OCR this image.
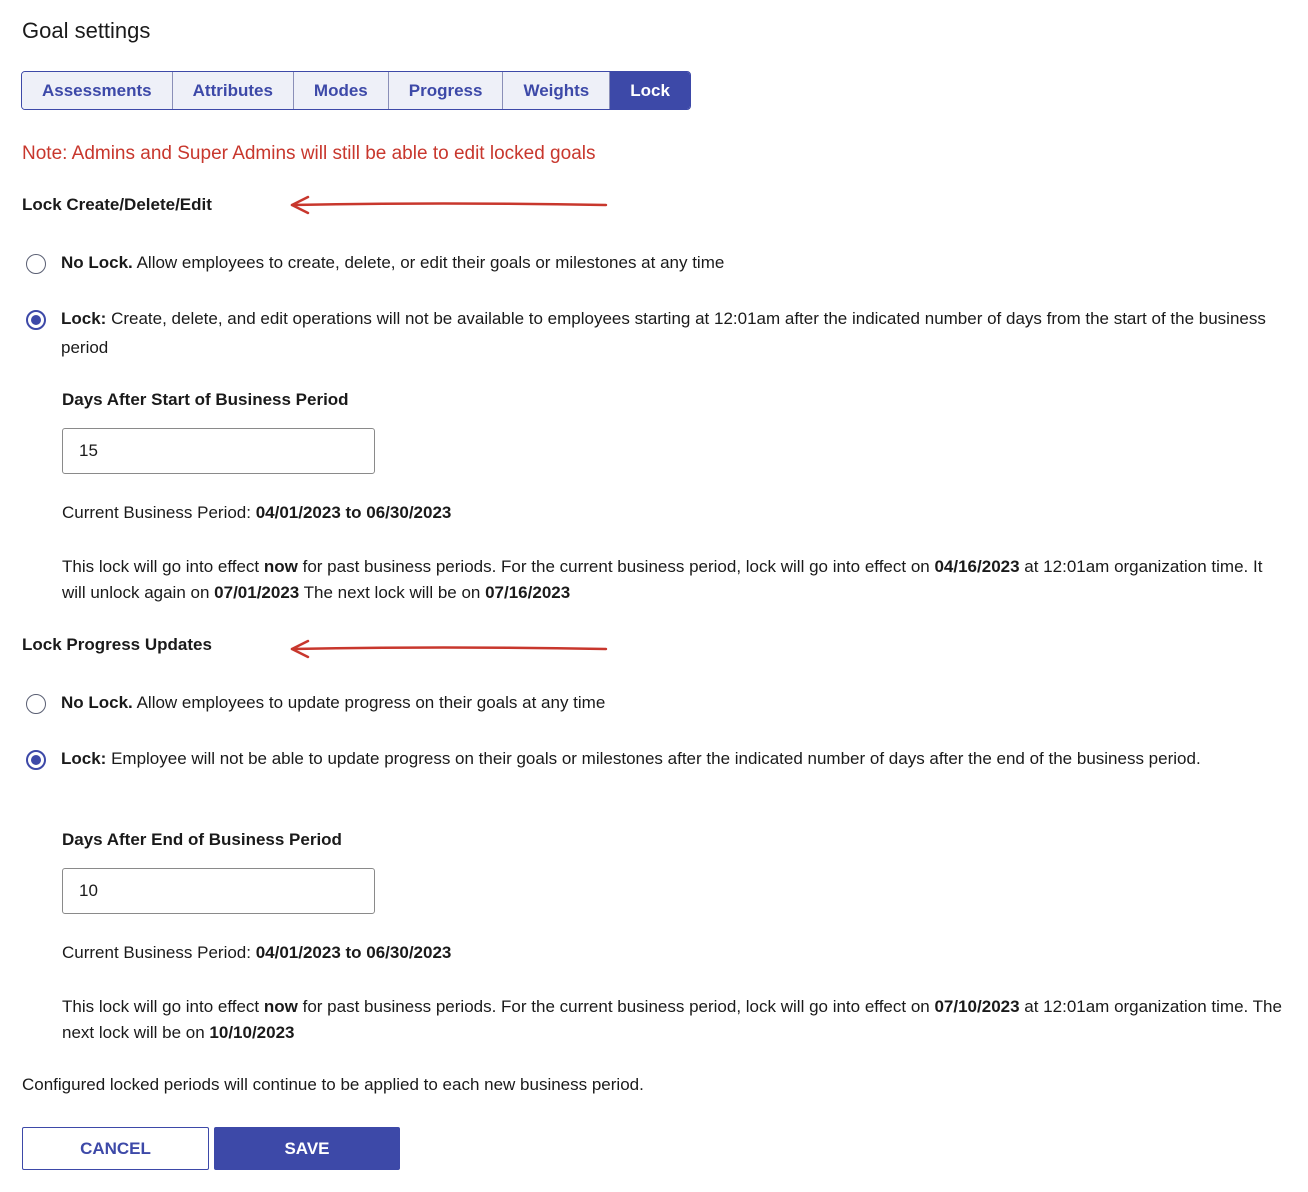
Goal settings
Assessments	Attributes	Modes	Progress	Weights	Lock
Note: Admins and Super Admins will still be able to edit locked goals
Lock Create/Delete/Edit
No Lock. Allow employees to create, delete, or edit their goals or milestones at any time
Lock: Create, delete, and edit operations will not be available to employees starting at 12:01am after the indicated number of days from the start of the business period
Days After Start of Business Period
15
Current Business Period: 04/01/2023 to 06/30/2023
This lock will go into effect now for past business periods. For the current business period, lock will go into effect on 04/16/2023 at 12:01am organization time. It will unlock again on 07/01/2023 The next lock will be on 07/16/2023
Lock Progress Updates
No Lock. Allow employees to update progress on their goals at any time
Lock: Employee will not be able to update progress on their goals or milestones after the indicated number of days after the end of the business period.
Days After End of Business Period
10
Current Business Period: 04/01/2023 to 06/30/2023
This lock will go into effect now for past business periods. For the current business period, lock will go into effect on 07/10/2023 at 12:01am organization time. The next lock will be on 10/10/2023
Configured locked periods will continue to be applied to each new business period.
CANCEL	SAVE
